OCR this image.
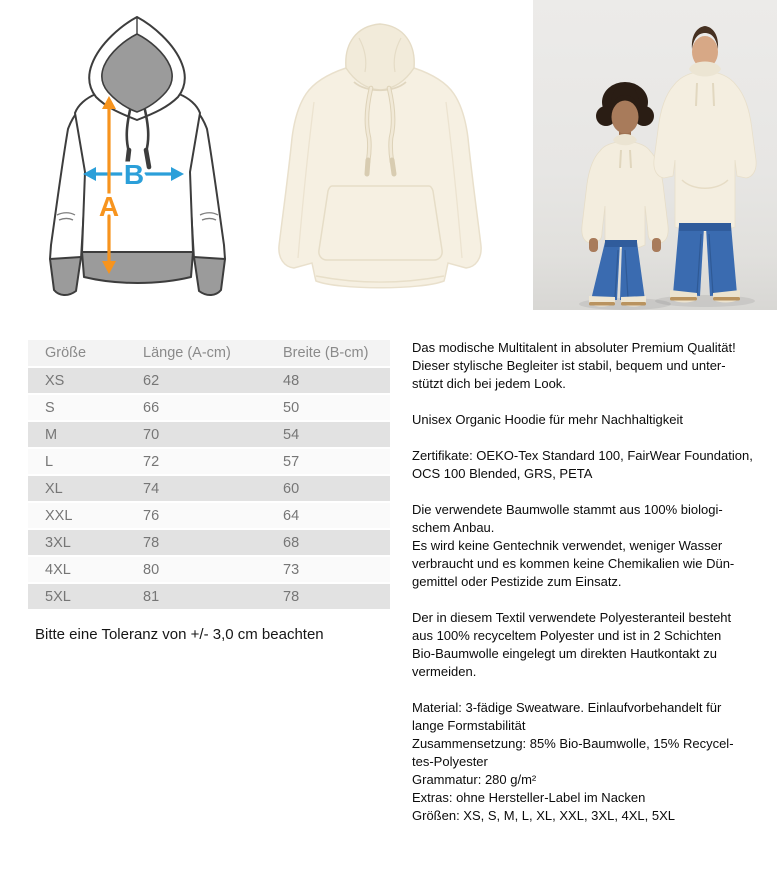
B
A
Größe	Länge (A-cm)	Breite (B-cm)
XS	62	48
S	66	50
M	70	54
L	72	57
XL	74	60
XXL	76	64
3XL	78	68
4XL	80	73
5XL	81	78

Bitte eine Toleranz von +/- 3,0 cm beachten

Das modische Multitalent in absoluter Premium Qualität!
Dieser stylische Begleiter ist stabil, bequem und unter-
stützt dich bei jedem Look.

Unisex Organic Hoodie für mehr Nachhaltigkeit

Zertifikate: OEKO-Tex Standard 100, FairWear Foundation,
OCS 100 Blended, GRS, PETA

Die verwendete Baumwolle stammt aus 100% biologi-
schem Anbau.
Es wird keine Gentechnik verwendet, weniger Wasser
verbraucht und es kommen keine Chemikalien wie Dün-
gemittel oder Pestizide zum Einsatz.

Der in diesem Textil verwendete Polyesteranteil besteht
aus 100% recyceltem Polyester und ist in 2 Schichten
Bio-Baumwolle eingelegt um direkten Hautkontakt zu
vermeiden.

Material: 3-fädige Sweatware. Einlaufvorbehandelt für
lange Formstabilität
Zusammensetzung: 85% Bio-Baumwolle, 15% Recycel-
tes-Polyester
Grammatur: 280 g/m²
Extras: ohne Hersteller-Label im Nacken
Größen: XS, S, M, L, XL, XXL, 3XL, 4XL, 5XL
